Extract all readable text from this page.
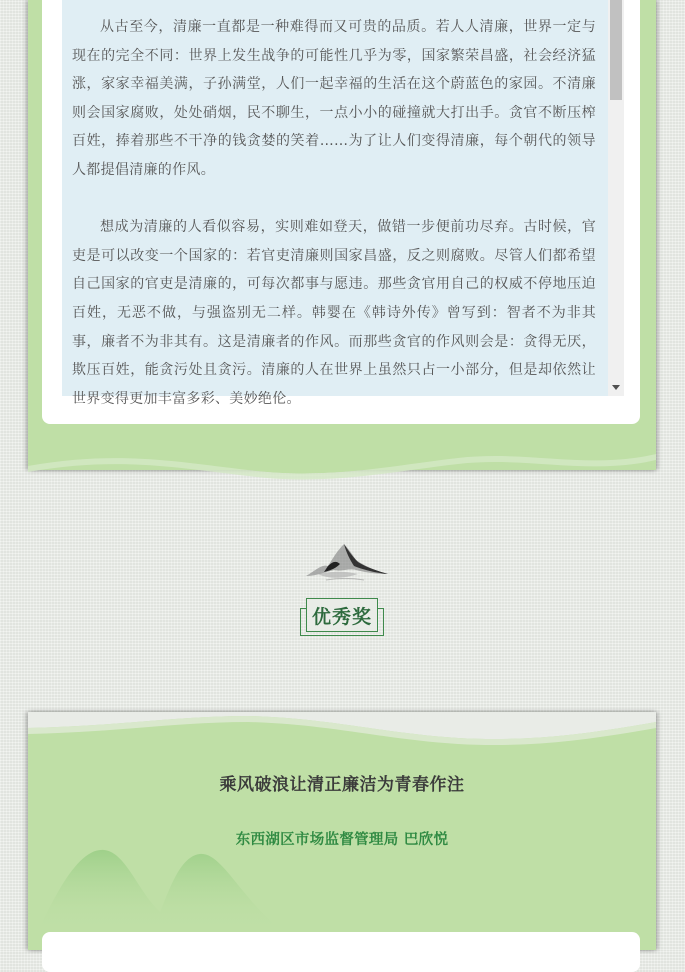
从古至今，清廉一直都是一种难得而又可贵的品质。若人人清廉，世界一定与现在的完全不同：世界上发生战争的可能性几乎为零，国家繁荣昌盛，社会经济猛涨，家家幸福美满，子孙满堂，人们一起幸福的生活在这个蔚蓝色的家园。不清廉则会国家腐败，处处硝烟，民不聊生，一点小小的碰撞就大打出手。贪官不断压榨百姓，捧着那些不干净的钱贪婪的笑着……为了让人们变得清廉，每个朝代的领导人都提倡清廉的作风。

想成为清廉的人看似容易，实则难如登天，做错一步便前功尽弃。古时候，官吏是可以改变一个国家的：若官吏清廉则国家昌盛，反之则腐败。尽管人们都希望自己国家的官吏是清廉的，可每次都事与愿违。那些贪官用自己的权威不停地压迫百姓，无恶不做，与强盗别无二样。韩婴在《韩诗外传》曾写到：智者不为非其事，廉者不为非其有。这是清廉者的作风。而那些贪官的作风则会是：贪得无厌，欺压百姓，能贪污处且贪污。清廉的人在世界上虽然只占一小部分，但是却依然让世界变得更加丰富多彩、美妙绝伦。

优秀奖
乘风破浪让清正廉洁为青春作注
东西湖区市场监督管理局 巴欣悦
